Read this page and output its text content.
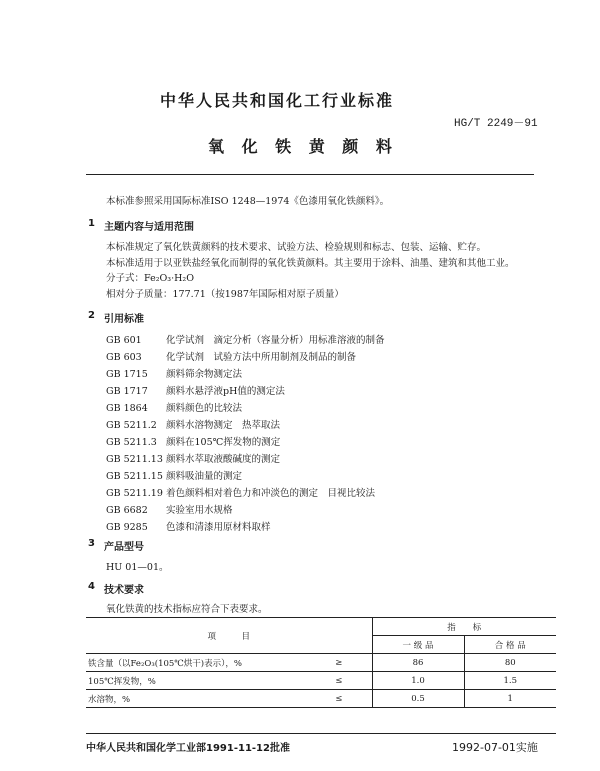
中华人民共和国化工行业标准
HG/T 2249－91
氧 化 铁 黄 颜 料
本标准参照采用国际标准ISO 1248—1974《色漆用氧化铁颜料》。
1 主题内容与适用范围
本标准规定了氧化铁黄颜料的技术要求、试验方法、检验规则和标志、包装、运输、贮存。
本标准适用于以亚铁盐经氧化而制得的氧化铁黄颜料。其主要用于涂料、油墨、建筑和其他工业。
分子式：Fe₂O₃·H₂O
相对分子质量：177.71（按1987年国际相对原子质量）
2 引用标准
GB 601	化学试剂　滴定分析（容量分析）用标准溶液的制备
GB 603	化学试剂　试验方法中所用制剂及制品的制备
GB 1715 颜料筛余物测定法
GB 1717 颜料水悬浮液pH值的测定法
GB 1864 颜料颜色的比较法
GB 5211.2 颜料水溶物测定　热萃取法
GB 5211.3 颜料在105℃挥发物的测定
GB 5211.13 颜料水萃取液酸碱度的测定
GB 5211.15 颜料吸油量的测定
GB 5211.19 着色颜料相对着色力和冲淡色的测定　目视比较法
GB 6682 实验室用水规格
GB 9285 色漆和清漆用原材料取样
3 产品型号
HU 01—01。
4 技术要求
氧化铁黄的技术指标应符合下表要求。
项　　　目		指　　标	
		一 级 品	合 格 品
铁含量（以Fe₂O₃(105℃烘干)表示），%	≥	86	80
105℃挥发物，%	≤	1.0	1.5
水溶物，%	≤	0.5	1
中华人民共和国化学工业部1991-11-12批准	1992-07-01实施
